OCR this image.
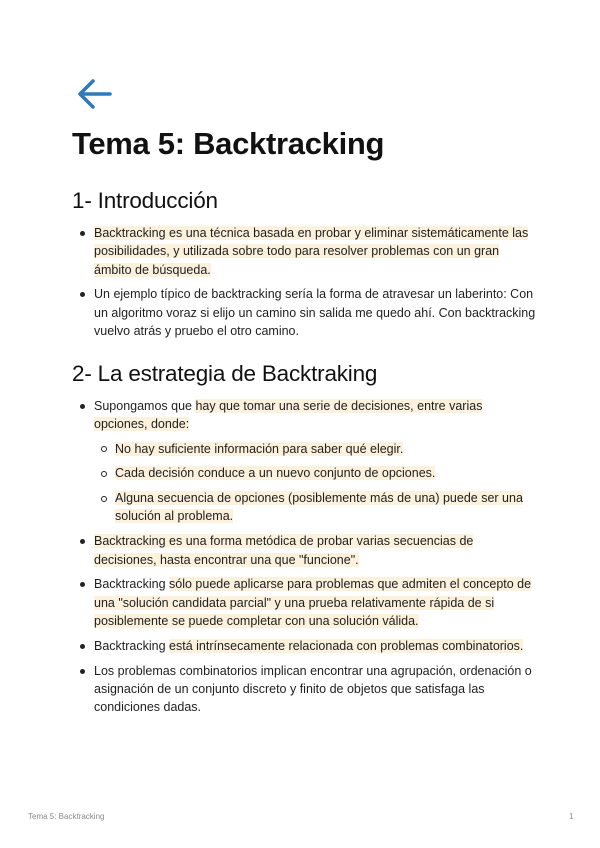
Tema 5: Backtracking
1- Introducción
Backtracking es una técnica basada en probar y eliminar sistemáticamente las posibilidades, y utilizada sobre todo para resolver problemas con un gran ámbito de búsqueda.
Un ejemplo típico de backtracking sería la forma de atravesar un laberinto: Con un algoritmo voraz si elijo un camino sin salida me quedo ahí. Con backtracking vuelvo atrás y pruebo el otro camino.
2- La estrategia de Backtraking
Supongamos que hay que tomar una serie de decisiones, entre varias opciones, donde:
No hay suficiente información para saber qué elegir.
Cada decisión conduce a un nuevo conjunto de opciones.
Alguna secuencia de opciones (posiblemente más de una) puede ser una solución al problema.
Backtracking es una forma metódica de probar varias secuencias de decisiones, hasta encontrar una que "funcione".
Backtracking sólo puede aplicarse para problemas que admiten el concepto de una "solución candidata parcial" y una prueba relativamente rápida de si posiblemente se puede completar con una solución válida.
Backtracking está intrínsecamente relacionada con problemas combinatorios.
Los problemas combinatorios implican encontrar una agrupación, ordenación o asignación de un conjunto discreto y finito de objetos que satisfaga las condiciones dadas.
Tema 5: Backtracking	1
